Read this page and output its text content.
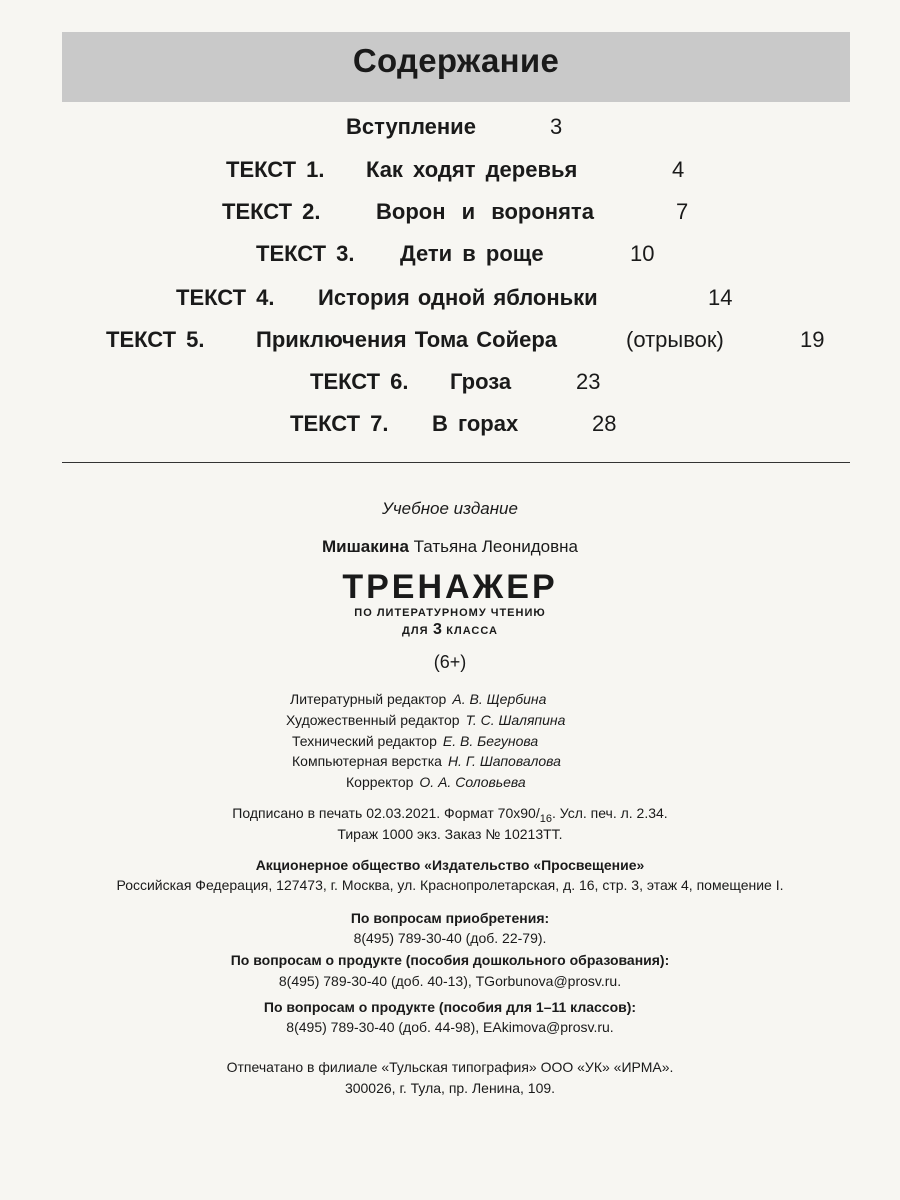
Содержание
Вступление	3
ТЕКСТ 1. Как ходят деревья	4
ТЕКСТ 2.	Ворон и воронята	7
ТЕКСТ 3. Дети в роще	10
ТЕКСТ 4. История одной яблоньки	14
ТЕКСТ 5. Приключения Тома Сойера	(отрывок)	19
ТЕКСТ 6. Гроза	23
ТЕКСТ 7. В горах	28
Учебное издание
Мишакина Татьяна Леонидовна
ТРЕНАЖЕР
ПО ЛИТЕРАТУРНОМУ ЧТЕНИЮ
ДЛЯ 3 КЛАССА
(6+)
Литературный редактор А. В. Щербина
Художественный редактор Т. С. Шаляпина
Технический редактор Е. В. Бегунова
Компьютерная верстка Н. Г. Шаповалова
Корректор О. А. Соловьева
Подписано в печать 02.03.2021. Формат $70x90/_{16}$. Усл. печ. л. 2.34.
Тираж 1000 экз. Заказ № 10213ТТ.
Акционерное общество «Издательство «Просвещение»
Российская Федерация, 127473, г. Москва, ул. Краснопролетарская, д. 16, стр. 3, этаж 4, помещение I.
По вопросам приобретения:
8(495) 789-30-40 (доб. 22-79).
По вопросам о продукте (пособия дошкольного образования):
8(495) 789-30-40 (доб. 40-13), TGorbunova@prosv.ru.
По вопросам о продукте (пособия для 1–11 классов):
8(495) 789-30-40 (доб. 44-98), EAkimova@prosv.ru.
Отпечатано в филиале «Тульская типография» ООО «УК» «ИРМА».
300026, г. Тула, пр. Ленина, 109.
